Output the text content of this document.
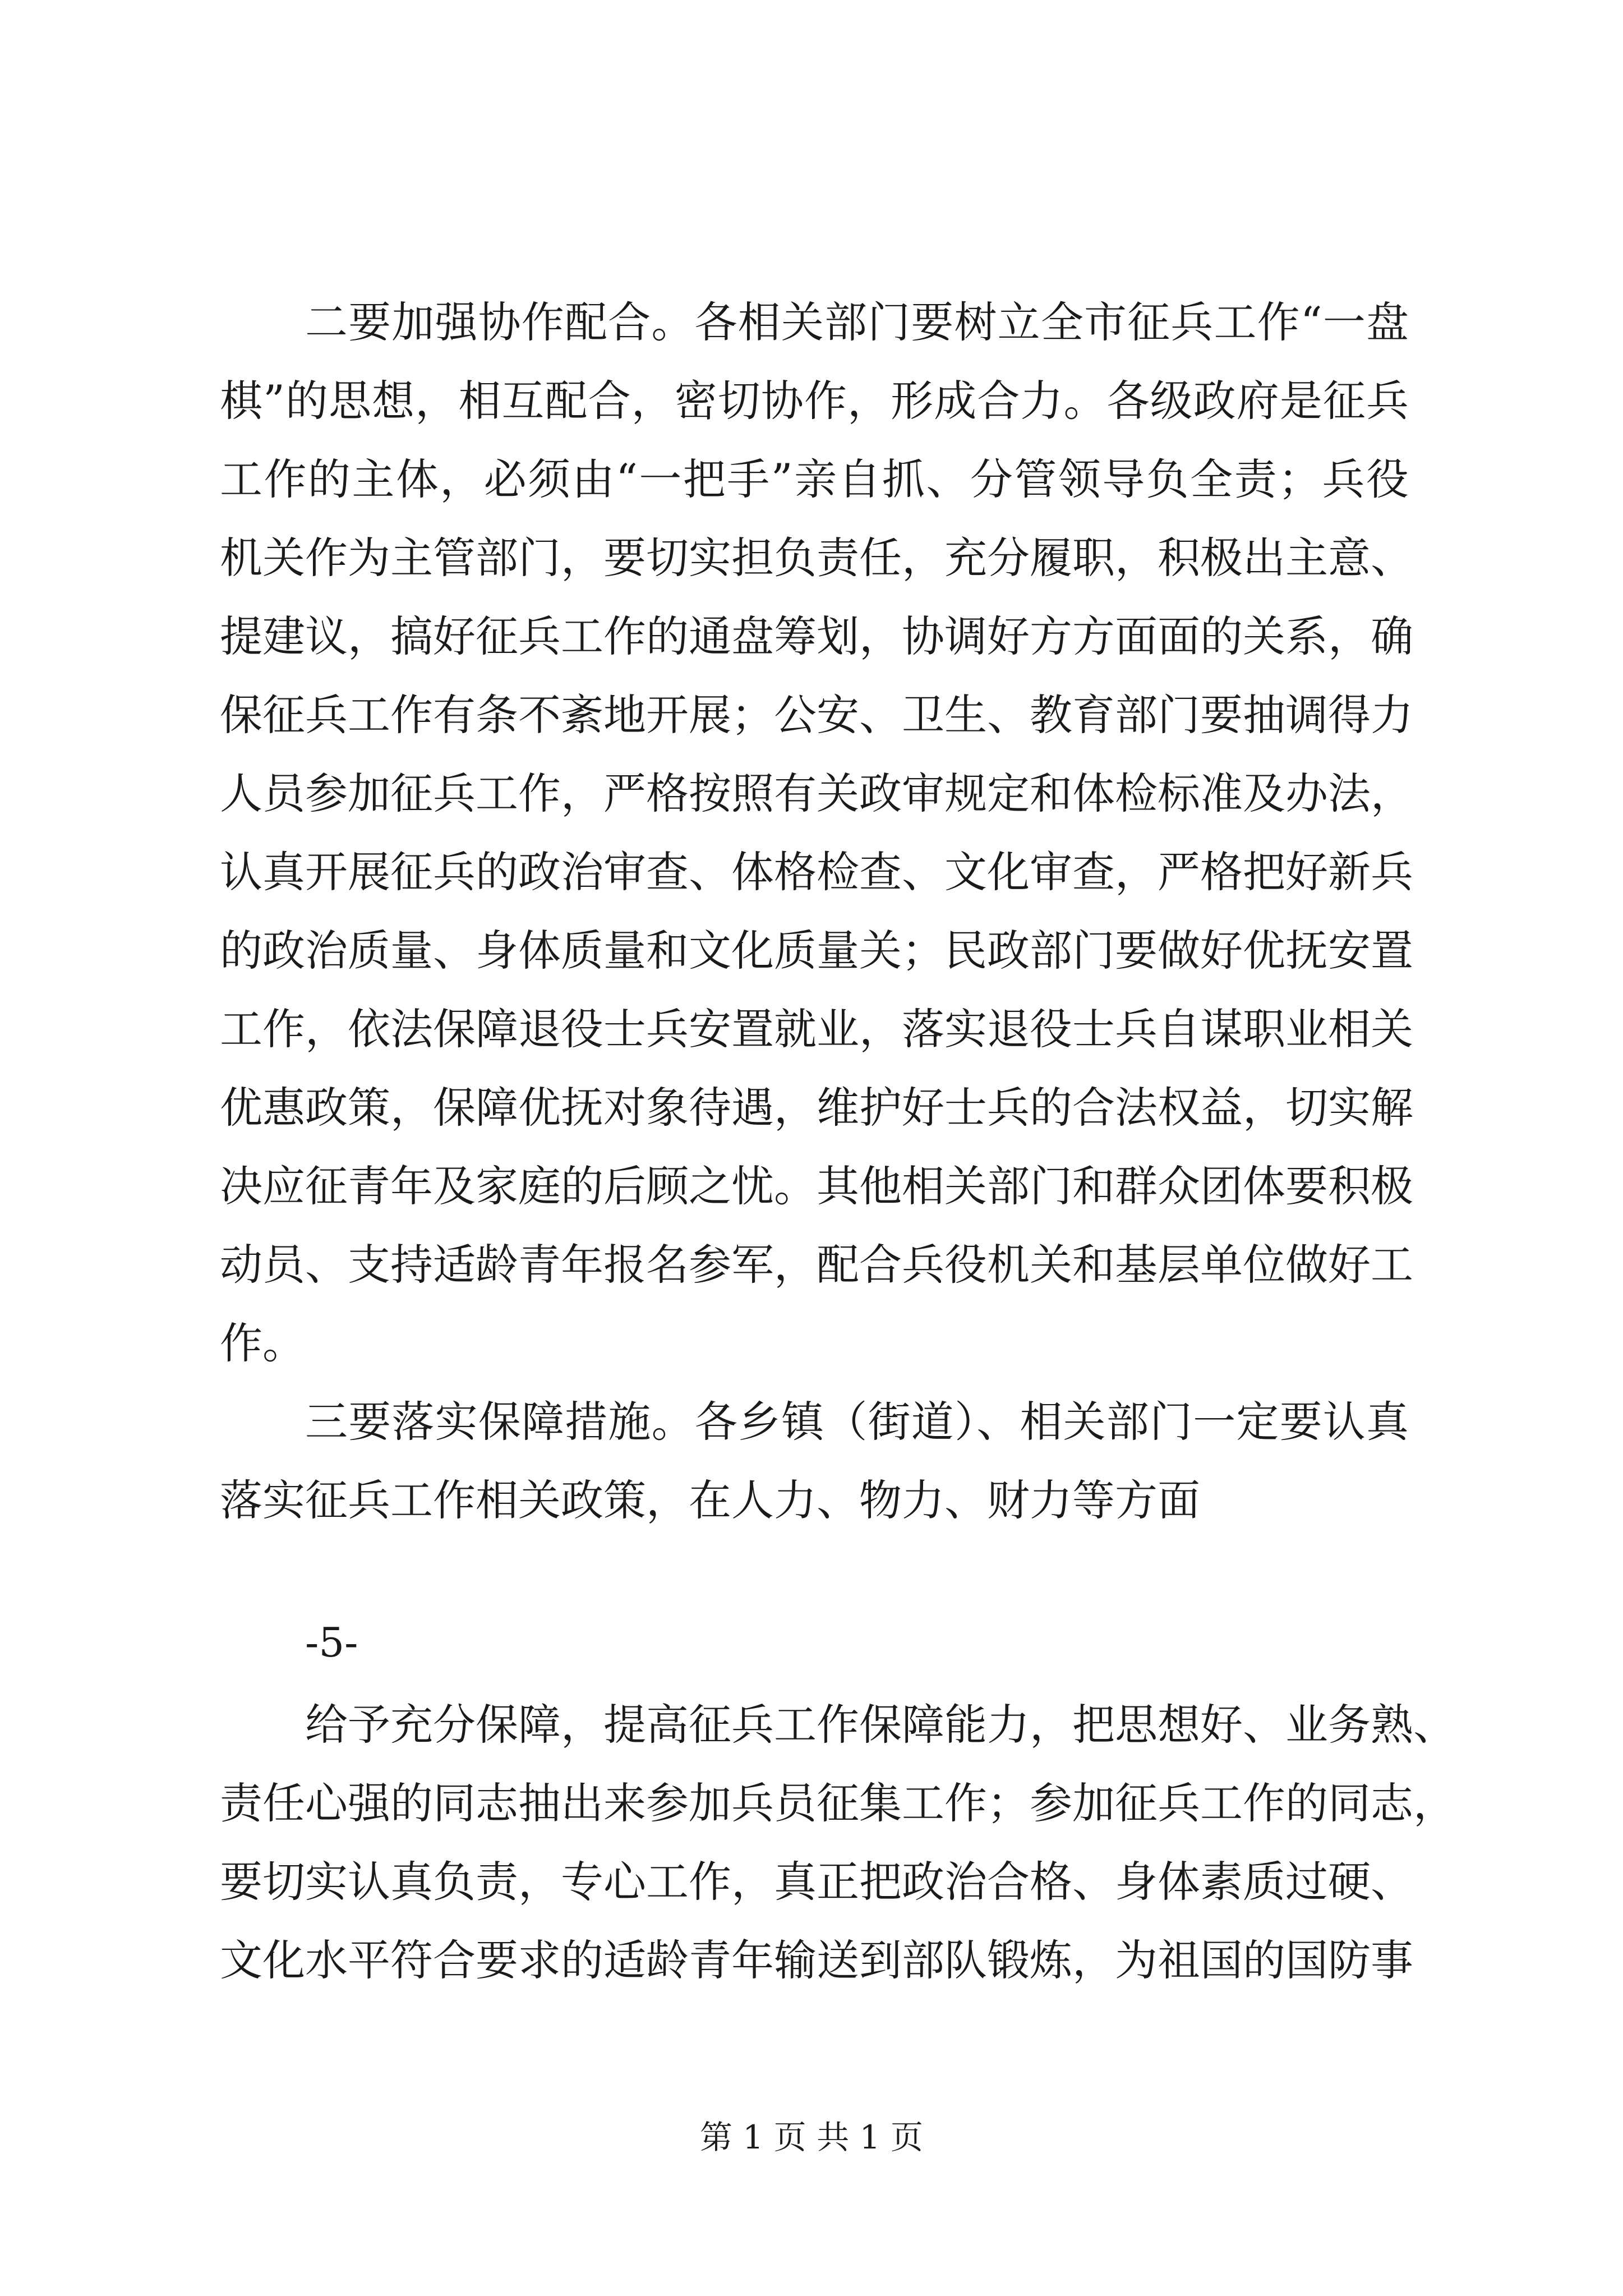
二要加强协作配合。各相关部门要树立全市征兵工作“一盘
棋”的思想，相互配合，密切协作，形成合力。各级政府是征兵
工作的主体，必须由“一把手”亲自抓、分管领导负全责；兵役
机关作为主管部门，要切实担负责任，充分履职，积极出主意、
提建议，搞好征兵工作的通盘筹划，协调好方方面面的关系，确
保征兵工作有条不紊地开展；公安、卫生、教育部门要抽调得力
人员参加征兵工作，严格按照有关政审规定和体检标准及办法，
认真开展征兵的政治审查、体格检查、文化审查，严格把好新兵
的政治质量、身体质量和文化质量关；民政部门要做好优抚安置
工作，依法保障退役士兵安置就业，落实退役士兵自谋职业相关
优惠政策，保障优抚对象待遇，维护好士兵的合法权益，切实解
决应征青年及家庭的后顾之忧。其他相关部门和群众团体要积极
动员、支持适龄青年报名参军，配合兵役机关和基层单位做好工
作。
三要落实保障措施。各乡镇（街道）、相关部门一定要认真
落实征兵工作相关政策，在人力、物力、财力等方面
-5-
给予充分保障，提高征兵工作保障能力，把思想好、业务熟、
责任心强的同志抽出来参加兵员征集工作；参加征兵工作的同志，
要切实认真负责，专心工作，真正把政治合格、身体素质过硬、
文化水平符合要求的适龄青年输送到部队锻炼，为祖国的国防事
第 1 页 共 1 页
